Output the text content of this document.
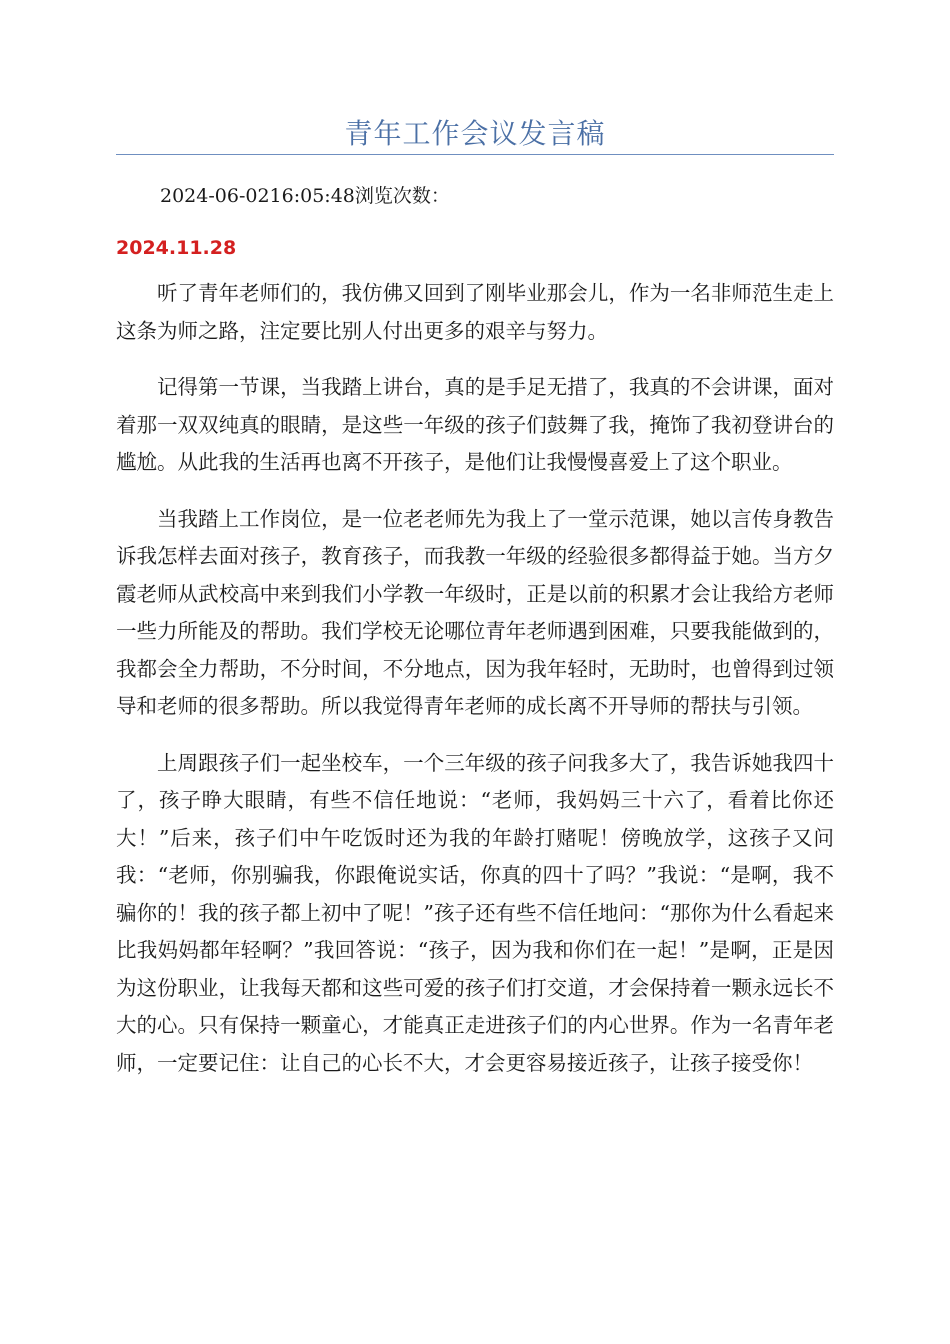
青年工作会议发言稿
2024-06-0216:05:48浏览次数：
2024.11.28

听了青年老师们的，我仿佛又回到了刚毕业那会儿，作为一名非师范生走上这条为师之路，注定要比别人付出更多的艰辛与努力。

记得第一节课，当我踏上讲台，真的是手足无措了，我真的不会讲课，面对着那一双双纯真的眼睛，是这些一年级的孩子们鼓舞了我，掩饰了我初登讲台的尴尬。从此我的生活再也离不开孩子，是他们让我慢慢喜爱上了这个职业。

当我踏上工作岗位，是一位老老师先为我上了一堂示范课，她以言传身教告诉我怎样去面对孩子，教育孩子，而我教一年级的经验很多都得益于她。当方夕霞老师从武校高中来到我们小学教一年级时，正是以前的积累才会让我给方老师一些力所能及的帮助。我们学校无论哪位青年老师遇到困难，只要我能做到的，我都会全力帮助，不分时间，不分地点，因为我年轻时，无助时，也曾得到过领导和老师的很多帮助。所以我觉得青年老师的成长离不开导师的帮扶与引领。

上周跟孩子们一起坐校车，一个三年级的孩子问我多大了，我告诉她我四十了，孩子睁大眼睛，有些不信任地说：“老师，我妈妈三十六了，看着比你还大！”后来，孩子们中午吃饭时还为我的年龄打赌呢！傍晚放学，这孩子又问我：“老师，你别骗我，你跟俺说实话，你真的四十了吗？”我说：“是啊，我不骗你的！我的孩子都上初中了呢！”孩子还有些不信任地问：“那你为什么看起来比我妈妈都年轻啊？”我回答说：“孩子，因为我和你们在一起！”是啊，正是因为这份职业，让我每天都和这些可爱的孩子们打交道，才会保持着一颗永远长不大的心。只有保持一颗童心，才能真正走进孩子们的内心世界。作为一名青年老师，一定要记住：让自己的心长不大，才会更容易接近孩子，让孩子接受你！
